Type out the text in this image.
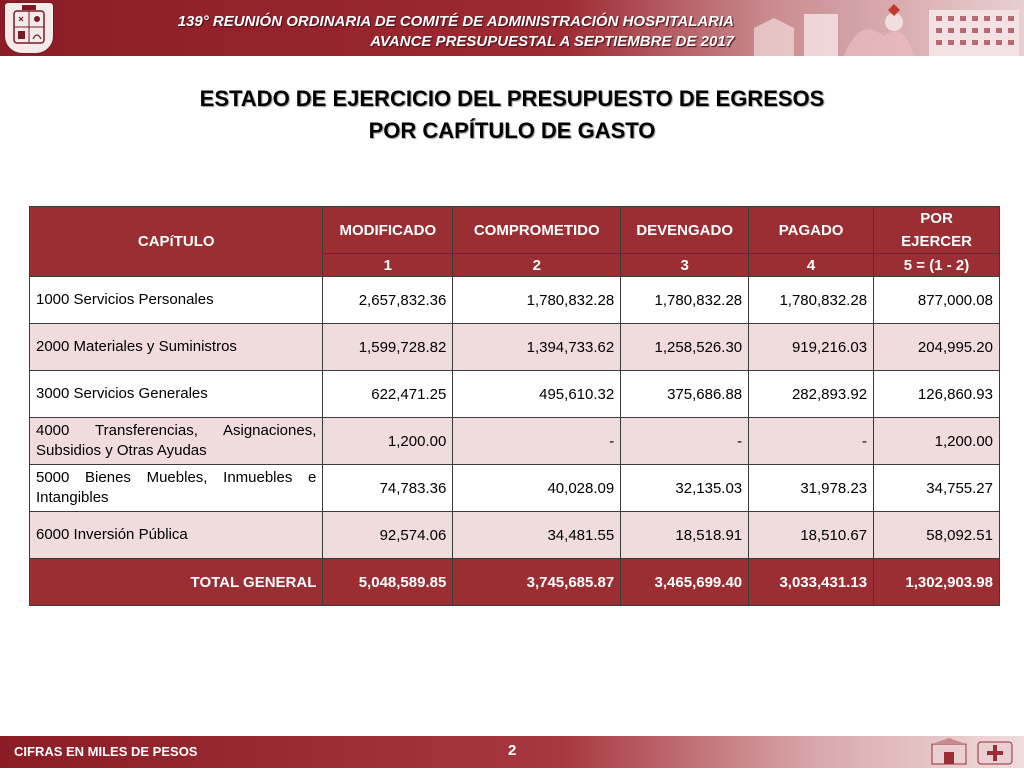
139° REUNIÓN ORDINARIA DE COMITÉ DE ADMINISTRACIÓN HOSPITALARIA
AVANCE PRESUPUESTAL A SEPTIEMBRE DE 2017
ESTADO DE EJERCICIO DEL PRESUPUESTO DE EGRESOS
POR CAPÍTULO DE GASTO
CAPíTULO	MODIFICADO	COMPROMETIDO	DEVENGADO	PAGADO	POR
EJERCER
	1	2	3	4	5 = (1 - 2)
1000 Servicios Personales	2,657,832.36	1,780,832.28	1,780,832.28	1,780,832.28	877,000.08
2000 Materiales y Suministros	1,599,728.82	1,394,733.62	1,258,526.30	919,216.03	204,995.20
3000 Servicios Generales	622,471.25	495,610.32	375,686.88	282,893.92	126,860.93
4000 Transferencias, Asignaciones, Subsidios y Otras Ayudas	1,200.00	-	-	-	1,200.00
5000 Bienes Muebles, Inmuebles e Intangibles	74,783.36	40,028.09	32,135.03	31,978.23	34,755.27
6000 Inversión Pública	92,574.06	34,481.55	18,518.91	18,510.67	58,092.51
TOTAL GENERAL	5,048,589.85	3,745,685.87	3,465,699.40	3,033,431.13	1,302,903.98
CIFRAS EN MILES DE PESOS	2
